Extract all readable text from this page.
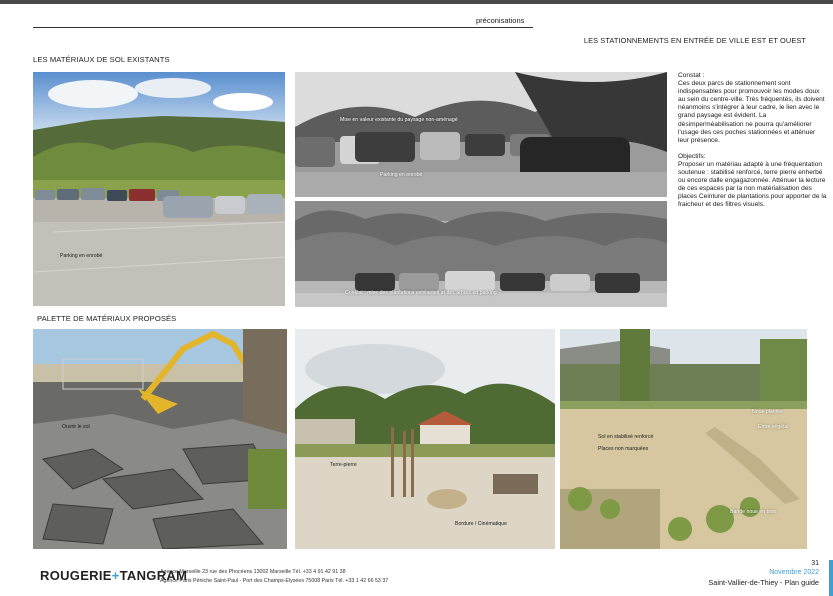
préconisations
LES STATIONNEMENTS EN ENTRÉE DE VILLE EST ET OUEST
LES MATÉRIAUX DE SOL EXISTANTS
Parking en enrobé
Mise en valeur existante du paysage non-aménagé
Parking en enrobé
Constat : mise des plantations existantes et des arbres en parking
Constat :
Ces deux parcs de stationnement sont indispensables pour promouvoir les modes doux au sein du centre-ville. Très fréquentés, ils doivent néanmoins s'intégrer à leur cadre, le lien avec le grand paysage est évident. La désimperméabilisation ne pourra qu'améliorer l'usage des ces poches stationnées et atténuer leur présence.
Objectifs:
Proposer un matériau adapté à une fréquentation soutenue : stabilisé renforcé, terre pierre enherbé ou encore dalle engagazonnée. Atténuer la lecture de ces espaces par la non matérialisation des places Ceinturer de plantations pour apporter de la fraicheur et des filtres visuels.
PALETTE DE MATÉRIAUX PROPOSÉS
Ouvrir le sol
Terre-pierre
Bordure / Cinématique
Sol en stabilisé renforcé
Places non marquées
Noue plantée
Entre végétal
Bande noue en bois
ROUGERIE+TANGRAM
Agence Marseille 23 rue des Phocéens 13002 Marseille Tél. +33 4 91 42 91 38
Agence Paris Péniche Saint-Paul - Port des Champs-Elysées 75008 Paris Tél. +33 1 42 66 53 37
31
Novembre 2022
Saint-Vallier-de-Thiey - Plan guide
